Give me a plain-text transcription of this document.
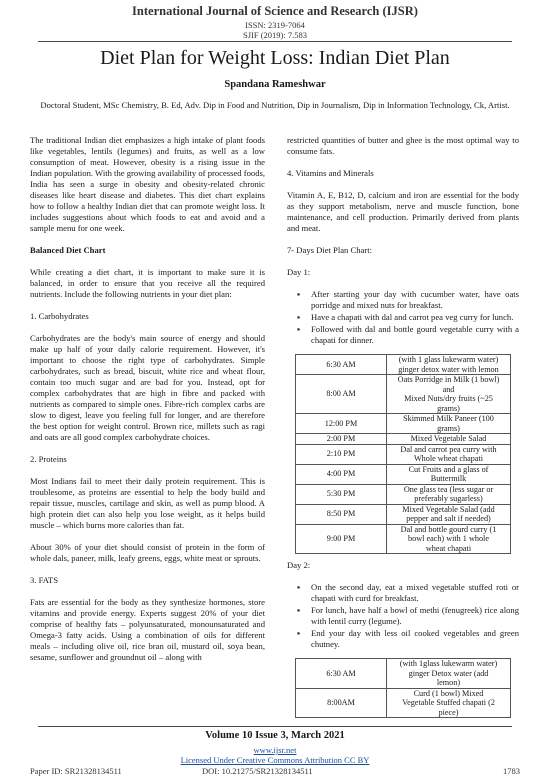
International Journal of Science and Research (IJSR)
ISSN: 2319-7064
SJIF (2019): 7.583
Diet Plan for Weight Loss: Indian Diet Plan
Spandana Rameshwar
Doctoral Student, MSc Chemistry, B. Ed, Adv. Dip in Food and Nutrition, Dip in Journalism, Dip in Information Technology, Ck, Artist.

The traditional Indian diet emphasizes a high intake of plant foods like vegetables, lentils (legumes) and fruits, as well as a low consumption of meat. However, obesity is a rising issue in the Indian population. With the growing availability of processed foods, India has seen a surge in obesity and obesity-related chronic diseases like heart disease and diabetes. This diet chart explains how to follow a healthy Indian diet that can promote weight loss. It includes suggestions about which foods to eat and avoid and a sample menu for one week.

Balanced Diet Chart

While creating a diet chart, it is important to make sure it is balanced, in order to ensure that you receive all the required nutrients. Include the following nutrients in your diet plan:

1. Carbohydrates

Carbohydrates are the body's main source of energy and should make up half of your daily calorie requirement. However, it's important to choose the right type of carbohydrates. Simple carbohydrates, such as bread, biscuit, white rice and wheat flour, contain too much sugar and are bad for you. Instead, opt for complex carbohydrates that are high in fibre and packed with nutrients as compared to simple ones. Fibre-rich complex carbs are slow to digest, leave you feeling full for longer, and are therefore the best option for weight control. Brown rice, millets such as ragi and oats are all good complex carbohydrate choices.

2. Proteins

Most Indians fail to meet their daily protein requirement. This is troublesome, as proteins are essential to help the body build and repair tissue, muscles, cartilage and skin, as well as pump blood. A high protein diet can also help you lose weight, as it helps build muscle – which burns more calories than fat.

About 30% of your diet should consist of protein in the form of whole dals, paneer, milk, leafy greens, eggs, white meat or sprouts.

3. FATS

Fats are essential for the body as they synthesize hormones, store vitamins and provide energy. Experts suggest 20% of your diet comprise of healthy fats – polyunsaturated, monounsaturated and Omega-3 fatty acids. Using a combination of oils for different meals – including olive oil, rice bran oil, mustard oil, soya bean, sesame, sunflower and groundnut oil – along with

restricted quantities of butter and ghee is the most optimal way to consume fats.

4. Vitamins and Minerals

Vitamin A, E, B12, D, calcium and iron are essential for the body as they support metabolism, nerve and muscle function, bone maintenance, and cell production. Primarily derived from plants and meat.

7- Days Diet Plan Chart:

Day 1:

▪ After starting your day with cucumber water, have oats porridge and mixed nuts for breakfast.
▪ Have a chapati with dal and carrot pea veg curry for lunch.
▪ Followed with dal and bottle gourd vegetable curry with a chapati for dinner.
6:30 AM	(with 1 glass lukewarm water)
ginger detox water with lemon

8:00 AM	Oats Porridge in Milk (1 bowl)
and
Mixed Nuts/dry fruits (~25
grams)

12:00 PM	Skimmed Milk Paneer (100
grams)

2:00 PM	Mixed Vegetable Salad

2:10 PM	Dal and carrot pea curry with
Whole wheat chapati

4:00 PM	Cut Fruits and a glass of
Buttermilk

5:30 PM	One glass tea (less sugar or
preferably sugarless)

8:50 PM	Mixed Vegetable Salad (add
pepper and salt if needed)

9:00 PM	Dal and bottle gourd curry (1
bowl each) with 1 whole
wheat chapati

Day 2:

▪ On the second day, eat a mixed vegetable stuffed roti or chapati with curd for breakfast.
▪ For lunch, have half a bowl of methi (fenugreek) rice along with lentil curry (legume).
▪ End your day with less oil cooked vegetables and green chutney.
6:30 AM	(with 1glass lukewarm water)
ginger Detox water (add
lemon)

8:00AM	Curd (1 bowl) Mixed
Vegetable Stuffed chapati (2
piece)
Volume 10 Issue 3, March 2021
www.ijsr.net
Licensed Under Creative Commons Attribution CC BY
Paper ID: SR21328134511	DOI: 10.21275/SR21328134511	1783
